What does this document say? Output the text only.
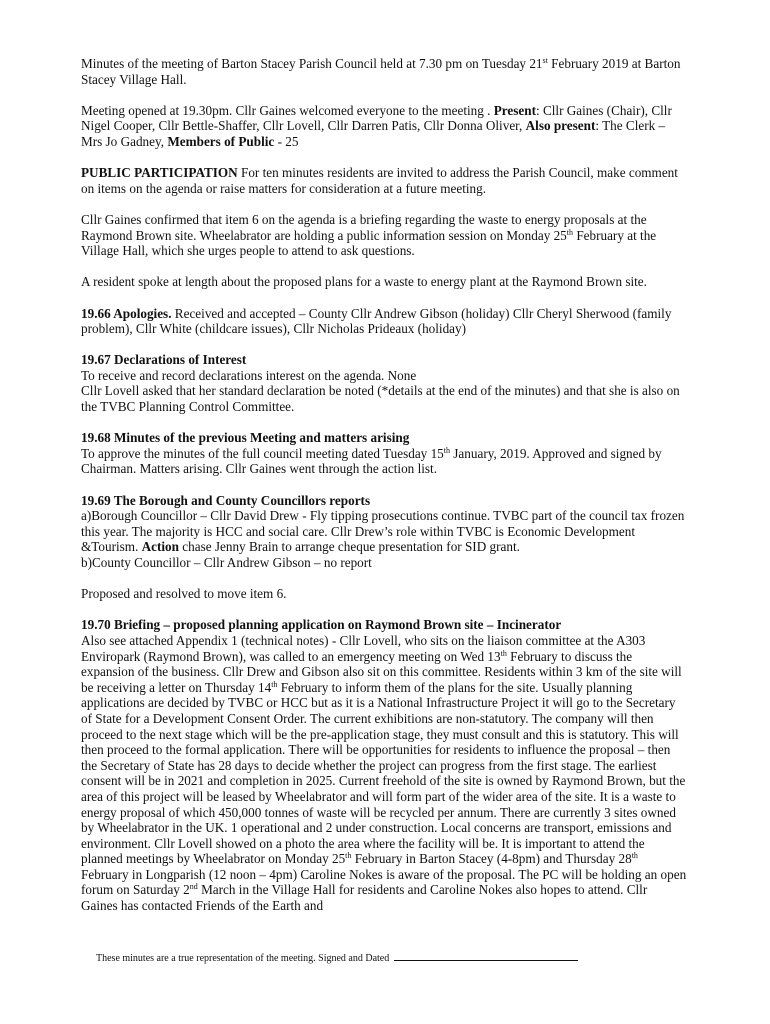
Minutes of the meeting of Barton Stacey Parish Council held at 7.30 pm on Tuesday 21st February 2019 at Barton Stacey Village Hall.

Meeting opened at 19.30pm. Cllr Gaines welcomed everyone to the meeting . Present: Cllr Gaines (Chair), Cllr Nigel Cooper, Cllr Bettle-Shaffer, Cllr Lovell, Cllr Darren Patis, Cllr Donna Oliver, Also present: The Clerk – Mrs Jo Gadney, Members of Public - 25

PUBLIC PARTICIPATION For ten minutes residents are invited to address the Parish Council, make comment on items on the agenda or raise matters for consideration at a future meeting.

Cllr Gaines confirmed that item 6 on the agenda is a briefing regarding the waste to energy proposals at the Raymond Brown site. Wheelabrator are holding a public information session on Monday 25th February at the Village Hall, which she urges people to attend to ask questions.

A resident spoke at length about the proposed plans for a waste to energy plant at the Raymond Brown site.

19.66 Apologies. Received and accepted – County Cllr Andrew Gibson (holiday) Cllr Cheryl Sherwood (family problem), Cllr White (childcare issues), Cllr Nicholas Prideaux (holiday)

19.67 Declarations of Interest
To receive and record declarations interest on the agenda. None
Cllr Lovell asked that her standard declaration be noted (*details at the end of the minutes) and that she is also on the TVBC Planning Control Committee.
19.68 Minutes of the previous Meeting and matters arising
To approve the minutes of the full council meeting dated Tuesday 15th January, 2019. Approved and signed by Chairman. Matters arising. Cllr Gaines went through the action list.
19.69 The Borough and County Councillors reports
a)Borough Councillor – Cllr David Drew - Fly tipping prosecutions continue. TVBC part of the council tax frozen this year. The majority is HCC and social care. Cllr Drew’s role within TVBC is Economic Development &Tourism. Action chase Jenny Brain to arrange cheque presentation for SID grant.
b)County Councillor – Cllr Andrew Gibson – no report

Proposed and resolved to move item 6.

19.70 Briefing – proposed planning application on Raymond Brown site – Incinerator
Also see attached Appendix 1 (technical notes) - Cllr Lovell, who sits on the liaison committee at the A303 Enviropark (Raymond Brown), was called to an emergency meeting on Wed 13th February to discuss the expansion of the business. Cllr Drew and Gibson also sit on this committee. Residents within 3 km of the site will be receiving a letter on Thursday 14th February to inform them of the plans for the site. Usually planning applications are decided by TVBC or HCC but as it is a National Infrastructure Project it will go to the Secretary of State for a Development Consent Order. The current exhibitions are non-statutory. The company will then proceed to the next stage which will be the pre-application stage, they must consult and this is statutory. This will then proceed to the formal application. There will be opportunities for residents to influence the proposal – then the Secretary of State has 28 days to decide whether the project can progress from the first stage. The earliest consent will be in 2021 and completion in 2025. Current freehold of the site is owned by Raymond Brown, but the area of this project will be leased by Wheelabrator and will form part of the wider area of the site. It is a waste to energy proposal of which 450,000 tonnes of waste will be recycled per annum. There are currently 3 sites owned by Wheelabrator in the UK. 1 operational and 2 under construction. Local concerns are transport, emissions and environment. Cllr Lovell showed on a photo the area where the facility will be. It is important to attend the planned meetings by Wheelabrator on Monday 25th February in Barton Stacey (4-8pm) and Thursday 28th February in Longparish (12 noon – 4pm) Caroline Nokes is aware of the proposal. The PC will be holding an open forum on Saturday 2nd March in the Village Hall for residents and Caroline Nokes also hopes to attend. Cllr Gaines has contacted Friends of the Earth and
These minutes are a true representation of the meeting. Signed and Dated
